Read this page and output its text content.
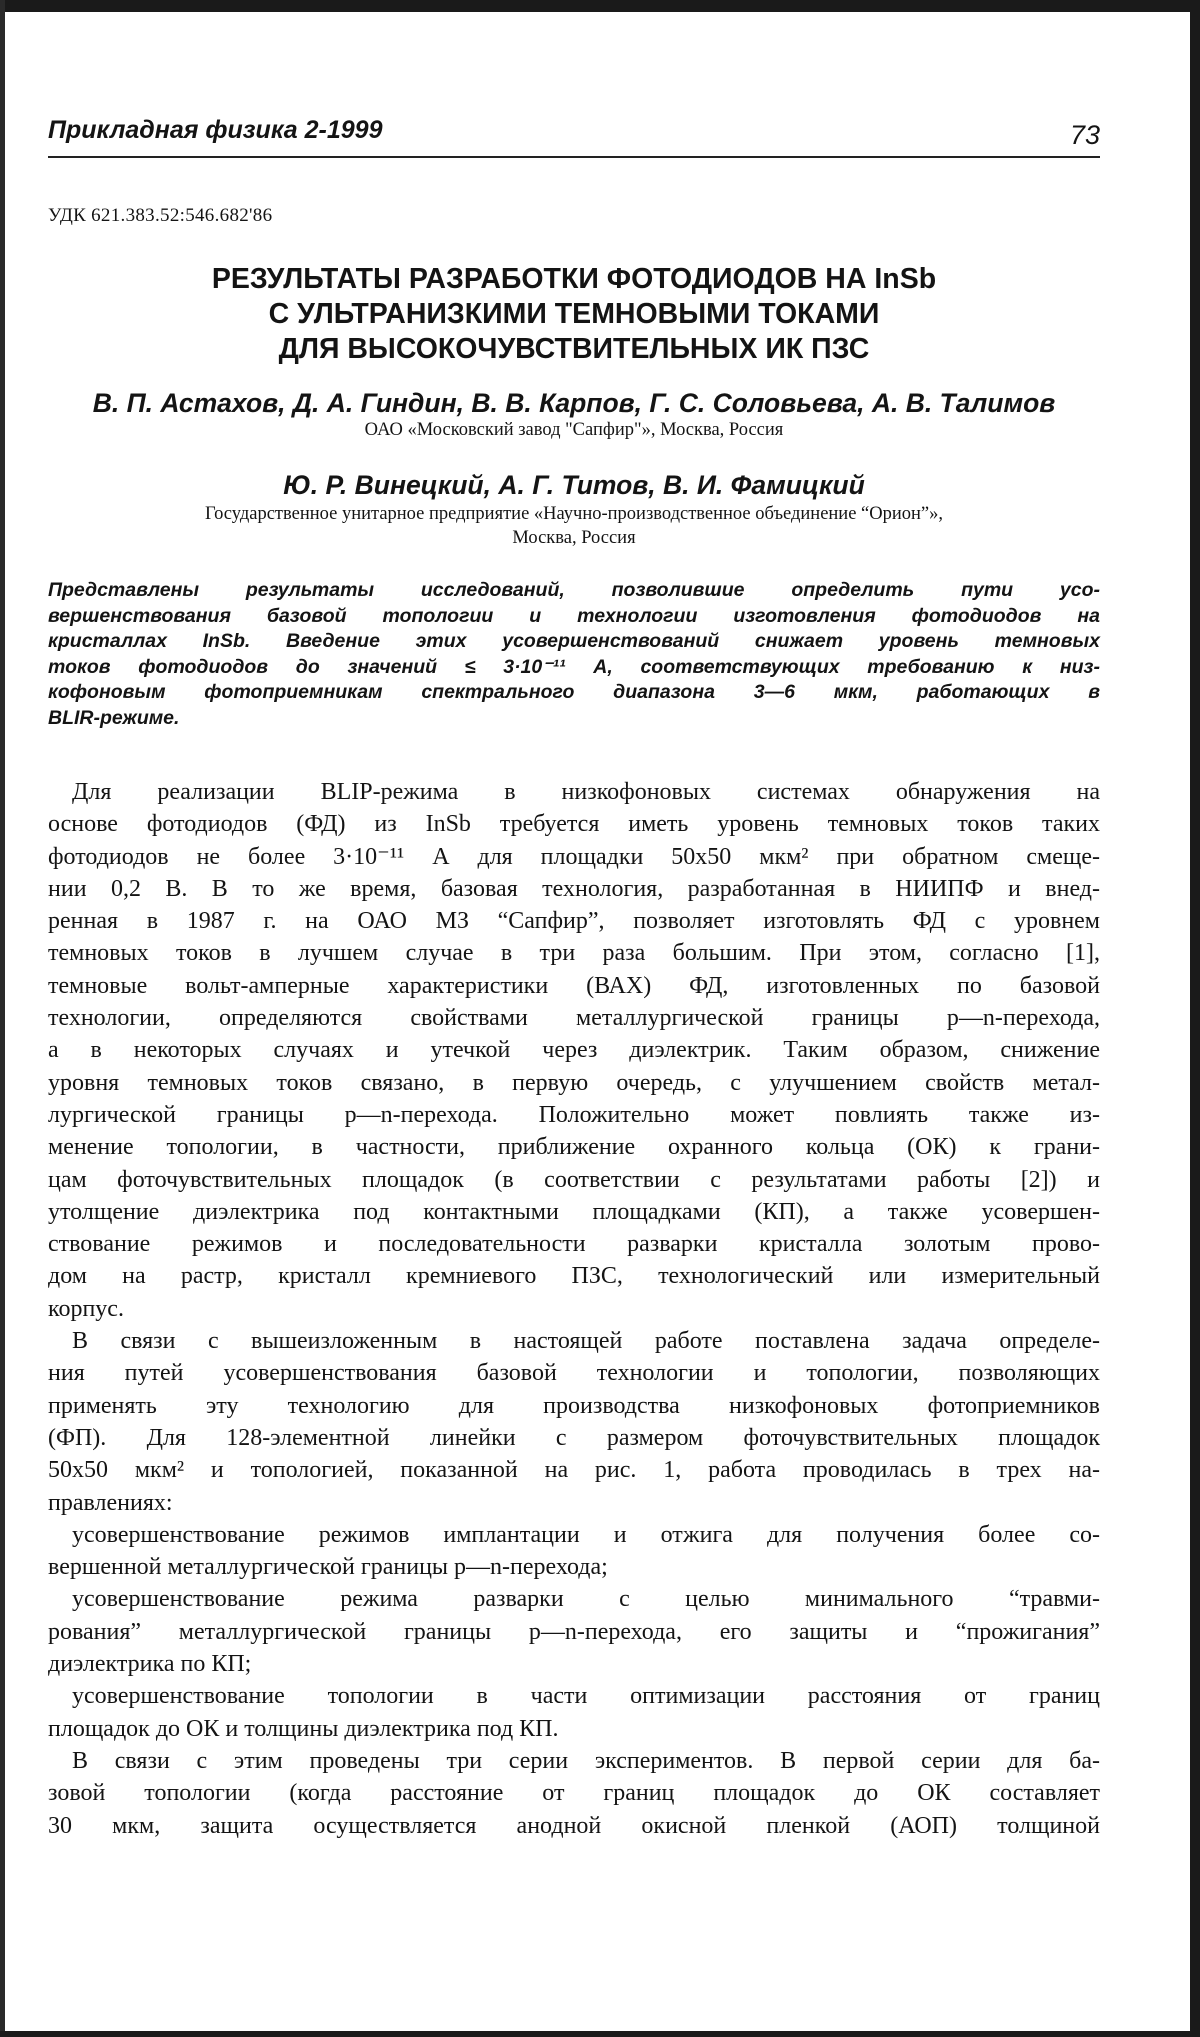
Прикладная физика 2-1999	73
УДК 621.383.52:546.682'86
РЕЗУЛЬТАТЫ РАЗРАБОТКИ ФОТОДИОДОВ НА InSb
С УЛЬТРАНИЗКИМИ ТЕМНОВЫМИ ТОКАМИ
ДЛЯ ВЫСОКОЧУВСТВИТЕЛЬНЫХ ИК ПЗС
В. П. Астахов, Д. А. Гиндин, В. В. Карпов, Г. С. Соловьева, А. В. Талимов
ОАО «Московский завод "Сапфир"», Москва, Россия
Ю. Р. Винецкий, А. Г. Титов, В. И. Фамицкий
Государственное унитарное предприятие «Научно-производственное объединение “Орион”»,
Москва, Россия
Представлены результаты исследований, позволившие определить пути усо-
вершенствования базовой топологии и технологии изготовления фотодиодов на
кристаллах InSb. Введение этих усовершенствований снижает уровень темновых
токов фотодиодов до значений ≤ 3·10⁻¹¹ А, соответствующих требованию к низ-
кофоновым фотоприемникам спектрального диапазона 3—6 мкм, работающих в
BLIR-режиме.
Для реализации BLIP-режима в низкофоновых системах обнаружения на
основе фотодиодов (ФД) из InSb требуется иметь уровень темновых токов таких
фотодиодов не более 3·10⁻¹¹ А для площадки 50х50 мкм² при обратном смеще-
нии 0,2 В. В то же время, базовая технология, разработанная в НИИПФ и внед-
ренная в 1987 г. на ОАО МЗ “Сапфир”, позволяет изготовлять ФД с уровнем
темновых токов в лучшем случае в три раза большим. При этом, согласно [1],
темновые вольт-амперные характеристики (ВАХ) ФД, изготовленных по базовой
технологии, определяются свойствами металлургической границы p—n-перехода,
а в некоторых случаях и утечкой через диэлектрик. Таким образом, снижение
уровня темновых токов связано, в первую очередь, с улучшением свойств метал-
лургической границы p—n-перехода. Положительно может повлиять также из-
менение топологии, в частности, приближение охранного кольца (ОК) к грани-
цам фоточувствительных площадок (в соответствии с результатами работы [2]) и
утолщение диэлектрика под контактными площадками (КП), а также усовершен-
ствование режимов и последовательности разварки кристалла золотым прово-
дом на растр, кристалл кремниевого ПЗС, технологический или измерительный
корпус.
В связи с вышеизложенным в настоящей работе поставлена задача определе-
ния путей усовершенствования базовой технологии и топологии, позволяющих
применять эту технологию для производства низкофоновых фотоприемников
(ФП). Для 128-элементной линейки с размером фоточувствительных площадок
50х50 мкм² и топологией, показанной на рис. 1, работа проводилась в трех на-
правлениях:
усовершенствование режимов имплантации и отжига для получения более со-
вершенной металлургической границы p—n-перехода;
усовершенствование режима разварки с целью минимального “травми-
рования” металлургической границы p—n-перехода, его защиты и “прожигания”
диэлектрика по КП;
усовершенствование топологии в части оптимизации расстояния от границ
площадок до ОК и толщины диэлектрика под КП.
В связи с этим проведены три серии экспериментов. В первой серии для ба-
зовой топологии (когда расстояние от границ площадок до ОК составляет
30 мкм, защита осуществляется анодной окисной пленкой (АОП) толщиной
